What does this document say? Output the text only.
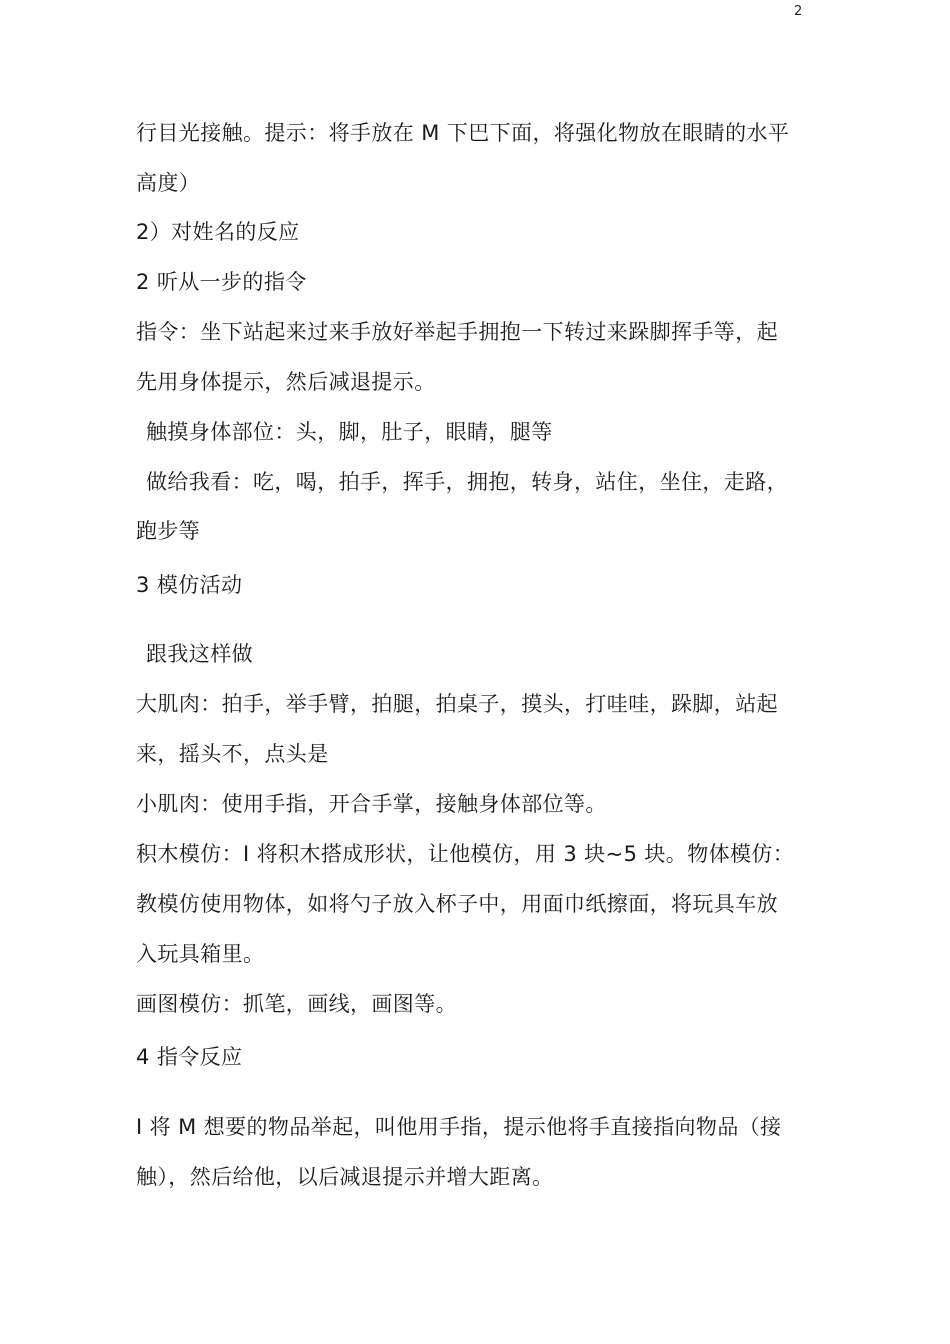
2
行目光接触。提示：将手放在 M 下巴下面，将强化物放在眼睛的水平
高度）
2）对姓名的反应
2 听从一步的指令
指令：坐下站起来过来手放好举起手拥抱一下转过来跺脚挥手等，起
先用身体提示，然后减退提示。
触摸身体部位：头，脚，肚子，眼睛，腿等
做给我看：吃，喝，拍手，挥手，拥抱，转身，站住，坐住，走路，
跑步等
3 模仿活动
跟我这样做
大肌肉：拍手，举手臂，拍腿，拍桌子，摸头，打哇哇，跺脚，站起
来，摇头不，点头是
小肌肉：使用手指，开合手掌，接触身体部位等。
积木模仿：I 将积木搭成形状，让他模仿，用 3 块~5 块。物体模仿：
教模仿使用物体，如将勺子放入杯子中，用面巾纸擦面，将玩具车放
入玩具箱里。
画图模仿：抓笔，画线，画图等。
4 指令反应
I 将 M 想要的物品举起，叫他用手指，提示他将手直接指向物品（接
触），然后给他，以后减退提示并增大距离。
